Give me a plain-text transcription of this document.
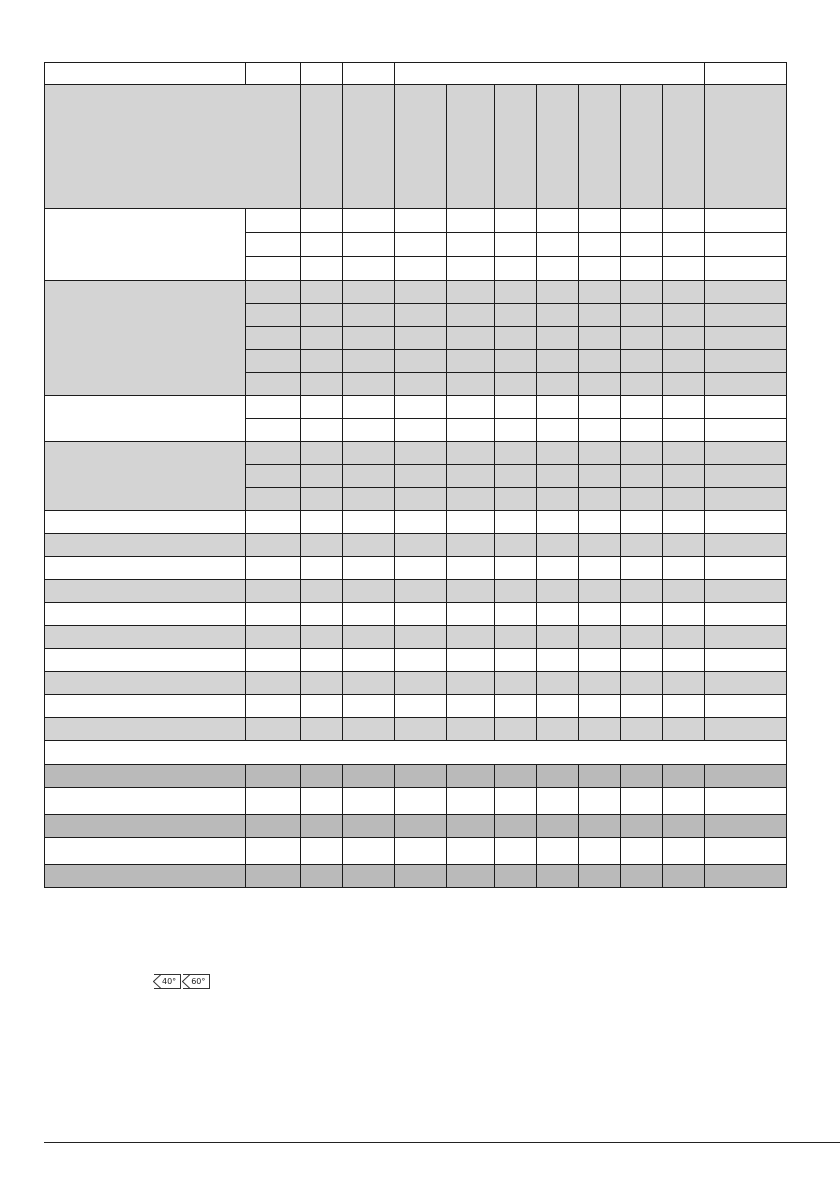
40°	60°
